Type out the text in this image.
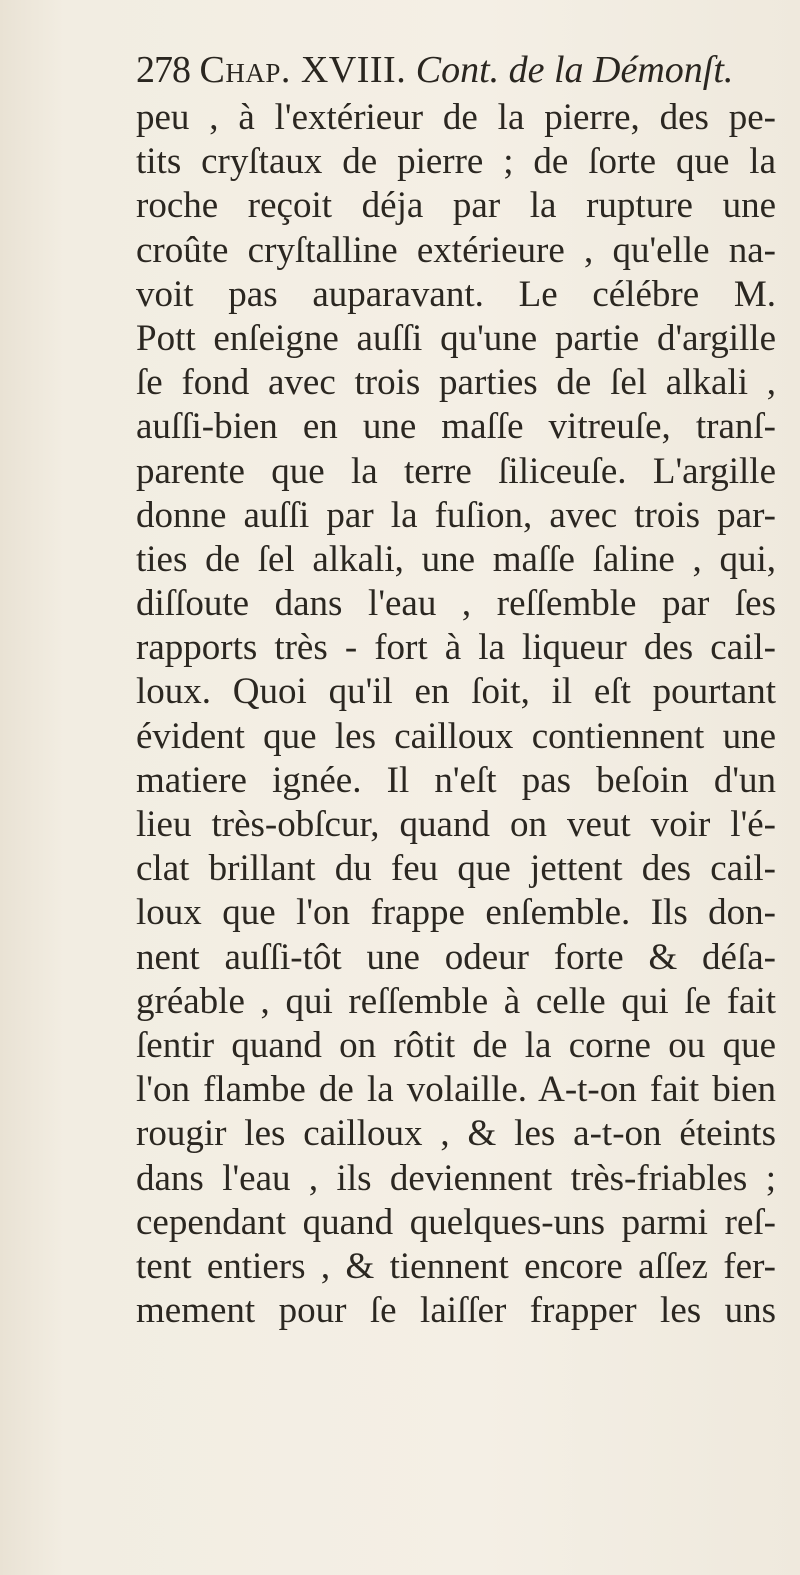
278 Chap. XVIII. Cont. de la Démonſt.
peu , à l'extérieur de la pierre, des pe-
tits cryſtaux de pierre ; de ſorte que la
roche reçoit déja par la rupture une
croûte cryſtalline extérieure , qu'elle na-
voit pas auparavant. Le célébre M.
Pott enſeigne auſſi qu'une partie d'argille
ſe fond avec trois parties de ſel alkali ,
auſſi-bien en une maſſe vitreuſe, tranſ-
parente que la terre ſiliceuſe. L'argille
donne auſſi par la fuſion, avec trois par-
ties de ſel alkali, une maſſe ſaline , qui,
diſſoute dans l'eau , reſſemble par ſes
rapports très - fort à la liqueur des cail-
loux. Quoi qu'il en ſoit, il eſt pourtant
évident que les cailloux contiennent une
matiere ignée. Il n'eſt pas beſoin d'un
lieu très-obſcur, quand on veut voir l'é-
clat brillant du feu que jettent des cail-
loux que l'on frappe enſemble. Ils don-
nent auſſi-tôt une odeur forte & déſa-
gréable , qui reſſemble à celle qui ſe fait
ſentir quand on rôtit de la corne ou que
l'on flambe de la volaille. A-t-on fait bien
rougir les cailloux , & les a-t-on éteints
dans l'eau , ils deviennent très-friables ;
cependant quand quelques-uns parmi reſ-
tent entiers , & tiennent encore aſſez fer-
mement pour ſe laiſſer frapper les uns
